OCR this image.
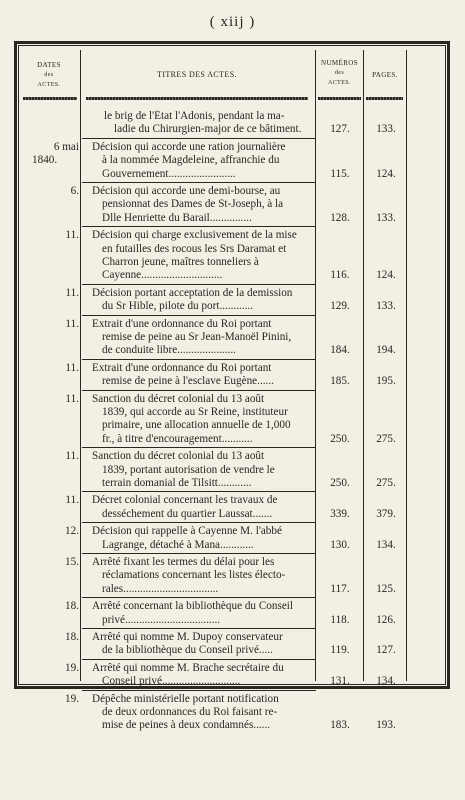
( xiij )
DATES
des
ACTES.
TITRES DES ACTES.
NUMÉROS
des
ACTES.
PAGES.
le brig de l'État l'Adonis, pendant la ma-
ladie du Chirurgien-major de ce bâtiment.	127.	133.
6 mai
1840.
Décision qui accorde une ration journalière
à la nommée Magdeleine, affranchie du
Gouvernement........................	115.	124.
6. Décision qui accorde une demi-bourse, au
pensionnat des Dames de St-Joseph, à la
Dlle Henriette du Barail...............	128.	133.
11. Décision qui charge exclusivement de la mise
en futailles des rocous les Srs Daramat et
Charron jeune, maîtres tonneliers à
Cayenne.............................	116.	124.
11. Décision portant acceptation de la demission
du Sr Hible, pilote du port............	129.	133.
11. Extrait d'une ordonnance du Roi portant
remise de peine au Sr Jean-Manoël Pinini,
de conduite libre.....................	184.	194.
11. Extrait d'une ordonnance du Roi portant
remise de peine à l'esclave Eugène......	185.	195.
11. Sanction du décret colonial du 13 août
1839, qui accorde au Sr Reine, instituteur
primaire, une allocation annuelle de 1,000
fr., à titre d'encouragement...........	250.	275.
11. Sanction du décret colonial du 13 août
1839, portant autorisation de vendre le
terrain domanial de Tilsitt............	250.	275.
11. Décret colonial concernant les travaux de
desséchement du quartier Laussat.......	339.	379.
12. Décision qui rappelle à Cayenne M. l'abbé
Lagrange, détaché à Mana............	130.	134.
15. Arrêté fixant les termes du délai pour les
réclamations concernant les listes électo-
rales..................................	117.	125.
18. Arrêté concernant la bibliothèque du Conseil
privé..................................	118.	126.
18. Arrêté qui nomme M. Dupoy conservateur
de la bibliothèque du Conseil privé.....	119.	127.
19. Arrêté qui nomme M. Brache secrétaire du
Conseil privé............................	131.	134.
19. Dépêche ministérielle portant notification
de deux ordonnances du Roi faisant re-
mise de peines à deux condamnés......	183.	193.
